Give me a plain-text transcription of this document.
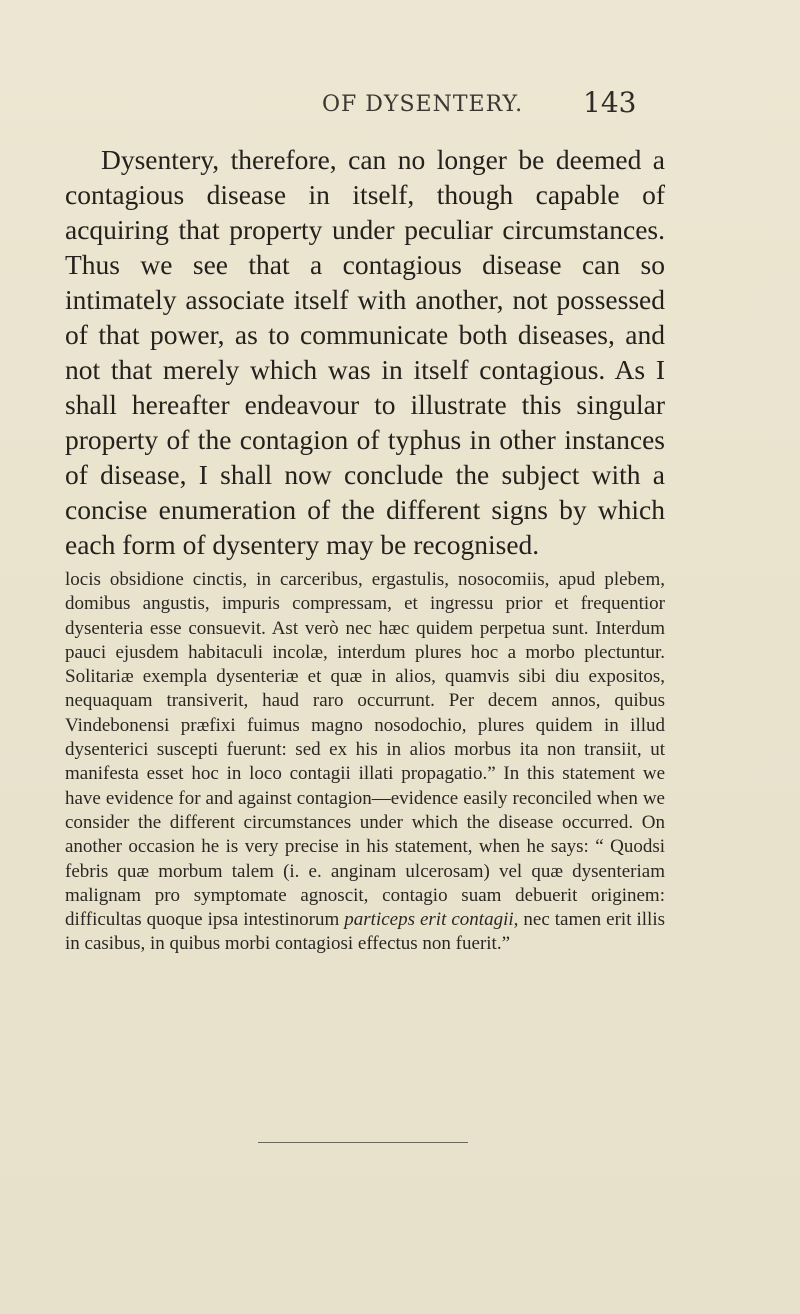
OF DYSENTERY. 143

Dysentery, therefore, can no longer be deemed a contagious disease in itself, though capable of acquiring that property under peculiar circumstances. Thus we see that a contagious disease can so intimately associate itself with another, not possessed of that power, as to communicate both diseases, and not that merely which was in itself contagious. As I shall hereafter endeavour to illustrate this singular property of the contagion of typhus in other instances of disease, I shall now conclude the subject with a concise enumeration of the different signs by which each form of dysentery may be recognised.

locis obsidione cinctis, in carceribus, ergastulis, nosocomiis, apud plebem, domibus angustis, impuris compressam, et ingressu prior et frequentior dysenteria esse consuevit. Ast verò nec hæc quidem perpetua sunt. Interdum pauci ejusdem habitaculi incolæ, interdum plures hoc a morbo plectuntur. Solitariæ exempla dysenteriæ et quæ in alios, quamvis sibi diu expositos, nequaquam transiverit, haud raro occurrunt. Per decem annos, quibus Vindebonensi præfixi fuimus magno nosodochio, plures quidem in illud dysenterici suscepti fuerunt: sed ex his in alios morbus ita non transiit, ut manifesta esset hoc in loco contagii illati propagatio.” In this statement we have evidence for and against contagion—evidence easily reconciled when we consider the different circumstances under which the disease occurred. On another occasion he is very precise in his statement, when he says: “ Quodsi febris quæ morbum talem (i. e. anginam ulcerosam) vel quæ dysenteriam malignam pro symptomate agnoscit, contagio suam debuerit originem: difficultas quoque ipsa intestinorum particeps erit contagii, nec tamen erit illis in casibus, in quibus morbi contagiosi effectus non fuerit.”
